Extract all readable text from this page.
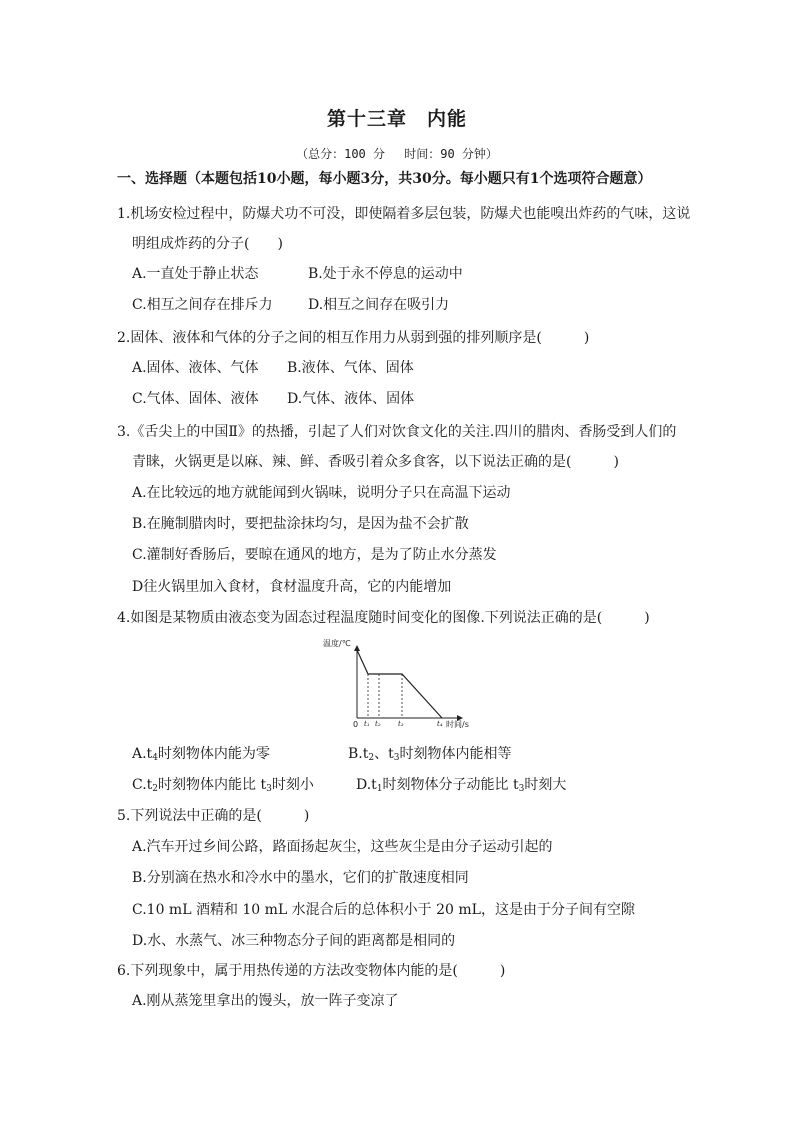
第十三章　内能
（总分：100 分　 时间：90 分钟）
一、选择题（本题包括10小题，每小题3分，共30分。每小题只有1个选项符合题意）
1.机场安检过程中，防爆犬功不可没，即使隔着多层包装，防爆犬也能嗅出炸药的气味，这说
明组成炸药的分子(　　)
A.一直处于静止状态	B.处于永不停息的运动中
C.相互之间存在排斥力	D.相互之间存在吸引力
2.固体、液体和气体的分子之间的相互作用力从弱到强的排列顺序是(　　　)
A.固体、液体、气体 B.液体、气体、固体
C.气体、固体、液体 D.气体、液体、固体
3.《舌尖上的中国Ⅱ》的热播，引起了人们对饮食文化的关注.四川的腊肉、香肠受到人们的
青睐，火锅更是以麻、辣、鲜、香吸引着众多食客，以下说法正确的是(　　　)
A.在比较远的地方就能闻到火锅味，说明分子只在高温下运动
B.在腌制腊肉时，要把盐涂抹均匀，是因为盐不会扩散
C.灌制好香肠后，要晾在通风的地方，是为了防止水分蒸发
D往火锅里加入食材，食材温度升高，它的内能增加
4.如图是某物质由液态变为固态过程温度随时间变化的图像.下列说法正确的是(　　　)
温度/℃
时间/s
0 t₁ t₂ t₃	t₄
$A.t_4$时刻物体内能为零	$B.t_2$、$t_3$时刻物体内能相等
$C.t_2$时刻物体内能比 $t_3$时刻小	$D.t_1$时刻物体分子动能比 $t_3$时刻大
5.下列说法中正确的是(　　　)
A.汽车开过乡间公路，路面扬起灰尘，这些灰尘是由分子运动引起的
B.分别滴在热水和冷水中的墨水，它们的扩散速度相同
C.10 mL 酒精和 10 mL 水混合后的总体积小于 20 mL，这是由于分子间有空隙
D.水、水蒸气、冰三种物态分子间的距离都是相同的
6.下列现象中，属于用热传递的方法改变物体内能的是(　　　)
A.刚从蒸笼里拿出的馒头，放一阵子变凉了
